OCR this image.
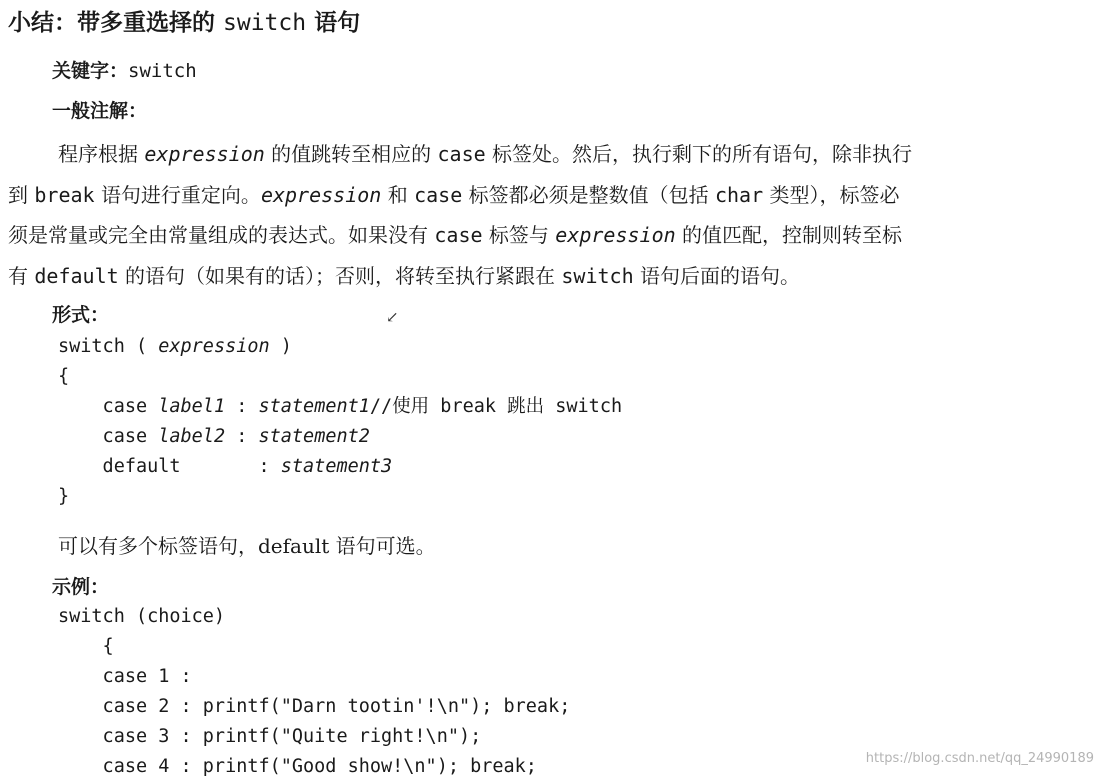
小结：带多重选择的 switch 语句
关键字：switch
一般注解：

程序根据 expression 的值跳转至相应的 case 标签处。然后，执行剩下的所有语句，除非执行

到 break 语句进行重定向。expression 和 case 标签都必须是整数值（包括 char 类型），标签必

须是常量或完全由常量组成的表达式。如果没有 case 标签与 expression 的值匹配，控制则转至标

有 default 的语句（如果有的话）；否则，将转至执行紧跟在 switch 语句后面的语句。

形式：	↙
switch ( expression )
{
case label1 : statement1//使用 break 跳出 switch
case label2 : statement2
default       : statement3
}
可以有多个标签语句，default 语句可选。
示例：
switch (choice)
{
case 1 :
case 2 : printf("Darn tootin'!\n"); break;
case 3 : printf("Quite right!\n");
case 4 : printf("Good show!\n"); break;	https://blog.csdn.net/qq_24990189
